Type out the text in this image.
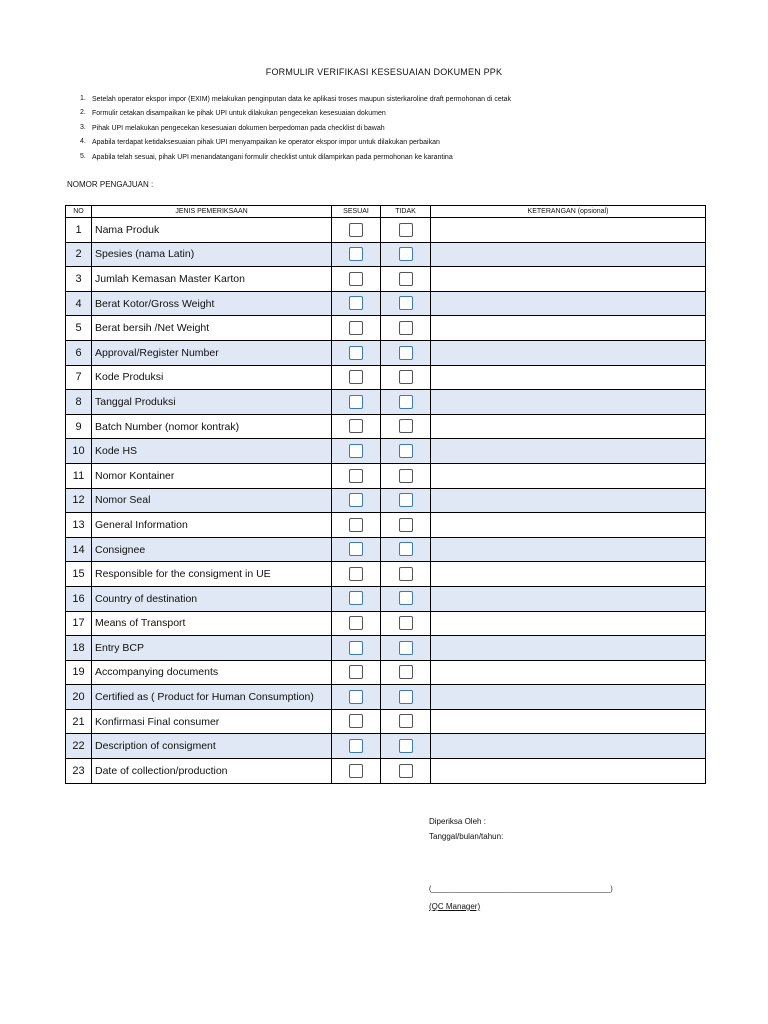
FORMULIR VERIFIKASI KESESUAIAN DOKUMEN PPK
1. Setelah operator ekspor impor (EXIM) melakukan penginputan data ke aplikasi troses maupun sisterkaroline draft permohonan di cetak
2. Formulir cetakan disampaikan ke pihak UPI untuk dilakukan pengecekan kesesuaian dokumen
3. Pihak UPI melakukan pengecekan kesesuaian dokumen berpedoman pada checklist di bawah
4. Apabila terdapat ketidaksesuaian pihak UPI menyampaikan ke operator ekspor impor untuk dilakukan perbaikan
5. Apabila telah sesuai, pihak UPI menandatangani formulir checklist untuk dilampirkan pada permohonan ke karantina
NOMOR PENGAJUAN :
NO	JENIS PEMERIKSAAN	SESUAI	TIDAK	KETERANGAN (opsional)
1	Nama Produk			
2	Spesies (nama Latin)			
3	Jumlah Kemasan Master Karton			
4	Berat Kotor/Gross Weight			
5	Berat bersih /Net Weight			
6	Approval/Register Number			
7	Kode Produksi			
8	Tanggal Produksi			
9	Batch Number (nomor kontrak)			
10	Kode HS			
11	Nomor Kontainer			
12	Nomor Seal			
13	General Information			
14	Consignee			
15	Responsible for the consigment in UE			
16	Country of destination			
17	Means of Transport			
18	Entry BCP			
19	Accompanying documents			
20	Certified as ( Product for Human Consumption)			
21	Konfirmasi Final consumer			
22	Description of consigment			
23	Date of collection/production			
Diperiksa Oleh :
Tanggal/bulan/tahun:
(______________________________________________)
(QC Manager)
